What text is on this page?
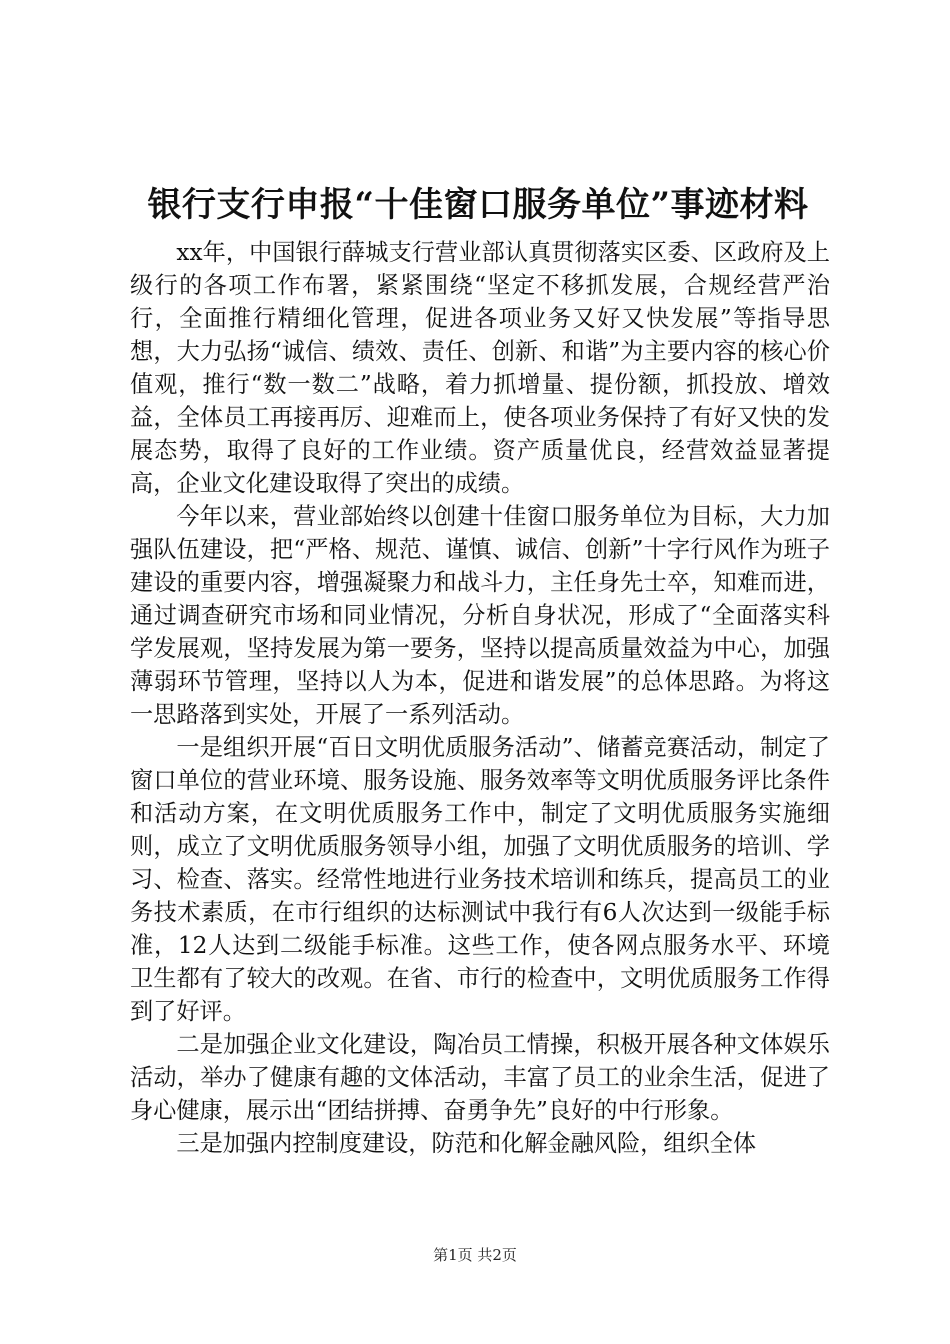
银行支行申报“十佳窗口服务单位”事迹材料

xx年，中国银行薛城支行营业部认真贯彻落实区委、区政府及上级行的各项工作布署，紧紧围绕“坚定不移抓发展，合规经营严治行，全面推行精细化管理，促进各项业务又好又快发展”等指导思想，大力弘扬“诚信、绩效、责任、创新、和谐”为主要内容的核心价值观，推行“数一数二”战略，着力抓增量、提份额，抓投放、增效益，全体员工再接再厉、迎难而上，使各项业务保持了有好又快的发展态势，取得了良好的工作业绩。资产质量优良，经营效益显著提高，企业文化建设取得了突出的成绩。

今年以来，营业部始终以创建十佳窗口服务单位为目标，大力加强队伍建设，把“严格、规范、谨慎、诚信、创新”十字行风作为班子建设的重要内容，增强凝聚力和战斗力，主任身先士卒，知难而进，通过调查研究市场和同业情况，分析自身状况，形成了“全面落实科学发展观，坚持发展为第一要务，坚持以提高质量效益为中心，加强薄弱环节管理，坚持以人为本，促进和谐发展”的总体思路。为将这一思路落到实处，开展了一系列活动。

一是组织开展“百日文明优质服务活动”、储蓄竞赛活动，制定了窗口单位的营业环境、服务设施、服务效率等文明优质服务评比条件和活动方案，在文明优质服务工作中，制定了文明优质服务实施细则，成立了文明优质服务领导小组，加强了文明优质服务的培训、学习、检查、落实。经常性地进行业务技术培训和练兵，提高员工的业务技术素质，在市行组织的达标测试中我行有6人次达到一级能手标准，12人达到二级能手标准。这些工作，使各网点服务水平、环境卫生都有了较大的改观。在省、市行的检查中，文明优质服务工作得到了好评。

二是加强企业文化建设，陶冶员工情操，积极开展各种文体娱乐活动，举办了健康有趣的文体活动，丰富了员工的业余生活，促进了身心健康，展示出“团结拼搏、奋勇争先”良好的中行形象。

三是加强内控制度建设，防范和化解金融风险，组织全体

第1页 共2页
